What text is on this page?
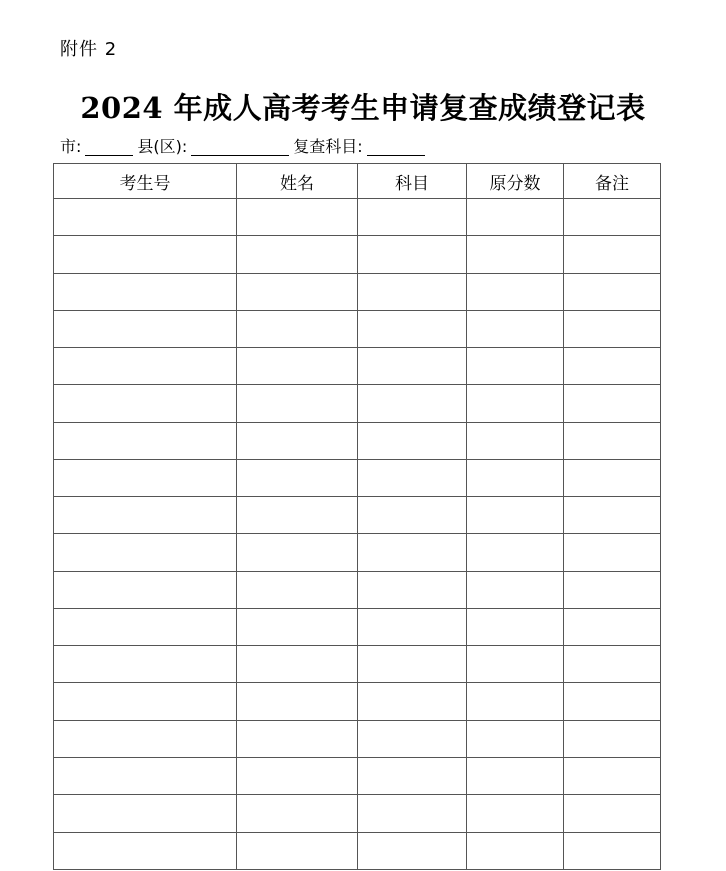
附件 2
2024 年成人高考考生申请复查成绩登记表
市:	县(区):	复查科目:
考生号	姓名	科目	原分数	备注
